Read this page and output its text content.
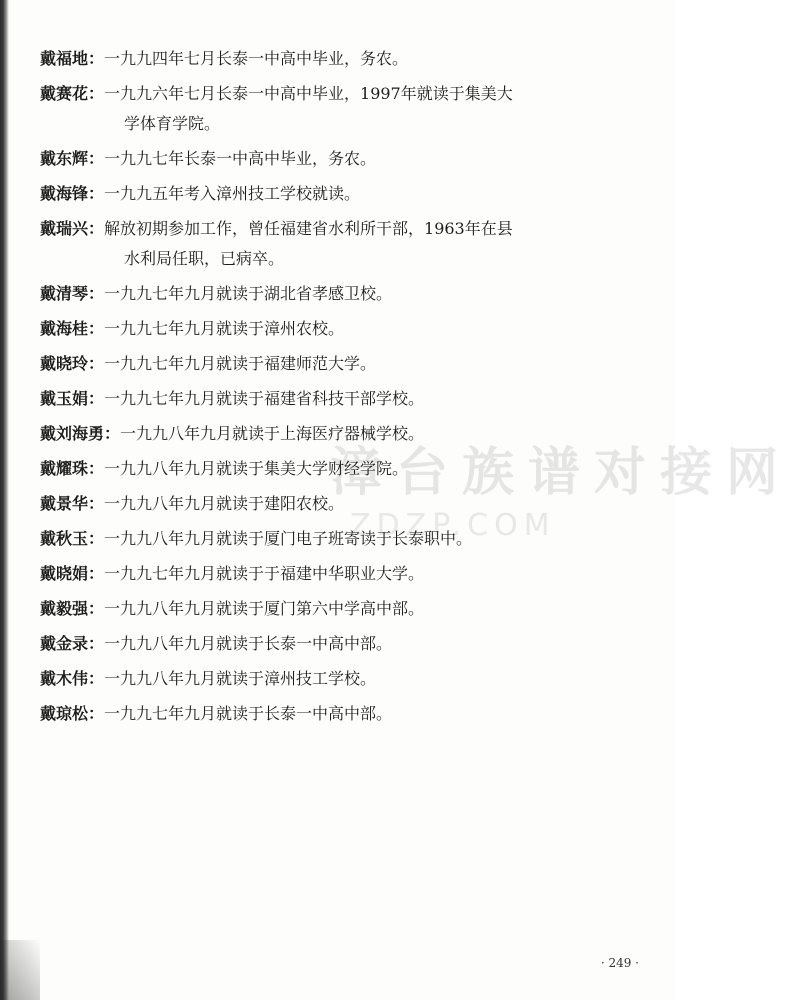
漳台族谱对接网
ZDZP.COM
戴福地：一九九四年七月长泰一中高中毕业，务农。
戴赛花：一九九六年七月长泰一中高中毕业，1997年就读于集美大
学体育学院。
戴东辉：一九九七年长泰一中高中毕业，务农。
戴海锋：一九九五年考入漳州技工学校就读。
戴瑞兴：解放初期参加工作，曾任福建省水利所干部，1963年在县
水利局任职，已病卒。
戴清琴：一九九七年九月就读于湖北省孝感卫校。
戴海桂：一九九七年九月就读于漳州农校。
戴晓玲：一九九七年九月就读于福建师范大学。
戴玉娟：一九九七年九月就读于福建省科技干部学校。
戴刘海勇：一九九八年九月就读于上海医疗器械学校。
戴耀珠：一九九八年九月就读于集美大学财经学院。
戴景华：一九九八年九月就读于建阳农校。
戴秋玉：一九九八年九月就读于厦门电子班寄读于长泰职中。
戴晓娟：一九九七年九月就读于于福建中华职业大学。
戴毅强：一九九八年九月就读于厦门第六中学高中部。
戴金录：一九九八年九月就读于长泰一中高中部。
戴木伟：一九九八年九月就读于漳州技工学校。
戴琼松：一九九七年九月就读于长泰一中高中部。
· 249 ·
